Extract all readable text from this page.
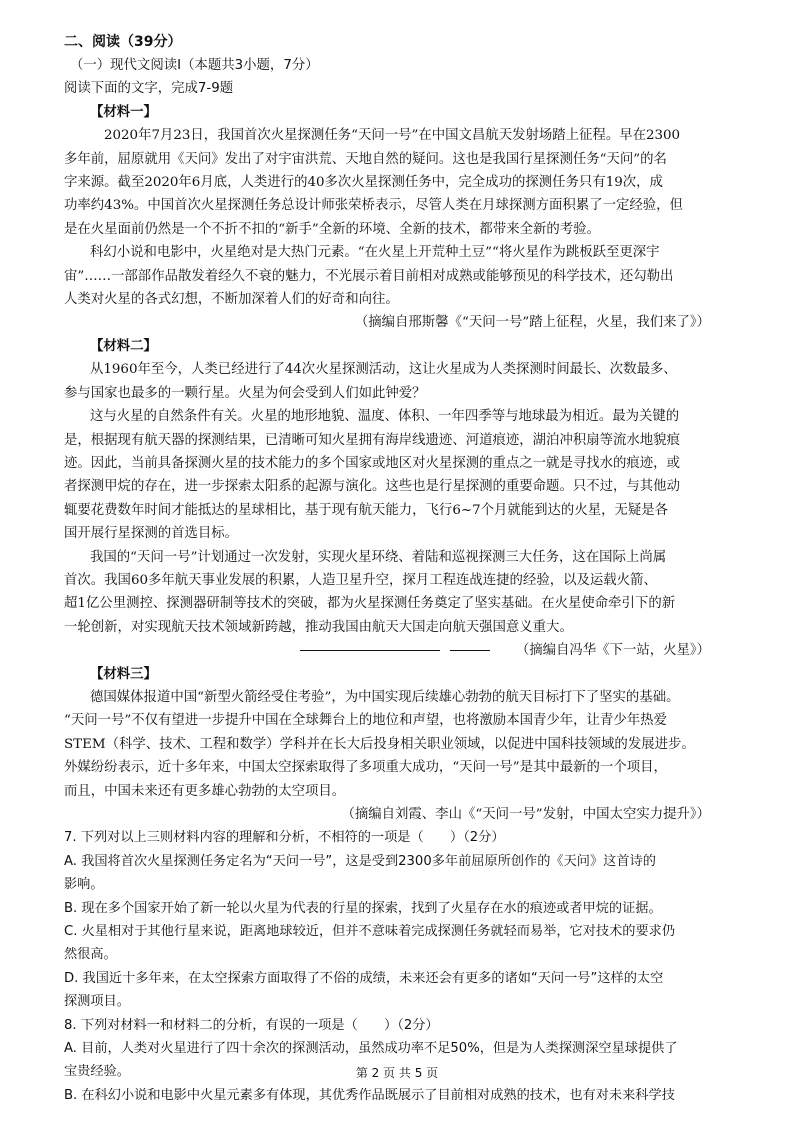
二、阅读（39分）
（一）现代文阅读Ⅰ（本题共3小题，7分）
阅读下面的文字，完成7-9题
【材料一】
2020年7月23日，我国首次火星探测任务“天问一号”在中国文昌航天发射场踏上征程。早在2300
多年前，屈原就用《天问》发出了对宇宙洪荒、天地自然的疑问。这也是我国行星探测任务“天问”的名
字来源。截至2020年6月底，人类进行的40多次火星探测任务中，完全成功的探测任务只有19次，成
功率约43%。中国首次火星探测任务总设计师张荣桥表示，尽管人类在月球探测方面积累了一定经验，但
是在火星面前仍然是一个不折不扣的“新手”全新的环境、全新的技术，都带来全新的考验。
科幻小说和电影中，火星绝对是大热门元素。“在火星上开荒种土豆”“将火星作为跳板跃至更深宇
宙”……一部部作品散发着经久不衰的魅力，不光展示着目前相对成熟或能够预见的科学技术，还勾勒出
人类对火星的各式幻想，不断加深着人们的好奇和向往。
（摘编自邢斯馨《“天问一号”踏上征程，火星，我们来了》）
【材料二】
从1960年至今，人类已经进行了44次火星探测活动，这让火星成为人类探测时间最长、次数最多、
参与国家也最多的一颗行星。火星为何会受到人们如此钟爱？
这与火星的自然条件有关。火星的地形地貌、温度、体积、一年四季等与地球最为相近。最为关键的
是，根据现有航天器的探测结果，已清晰可知火星拥有海岸线遗迹、河道痕迹，湖泊冲积扇等流水地貌痕
迹。因此，当前具备探测火星的技术能力的多个国家或地区对火星探测的重点之一就是寻找水的痕迹，或
者探测甲烷的存在，进一步探索太阳系的起源与演化。这些也是行星探测的重要命题。只不过，与其他动
辄要花费数年时间才能抵达的星球相比，基于现有航天能力，飞行6~7个月就能到达的火星，无疑是各
国开展行星探测的首选目标。
我国的“天问一号”计划通过一次发射，实现火星环绕、着陆和巡视探测三大任务，这在国际上尚属
首次。我国60多年航天事业发展的积累，人造卫星升空，探月工程连战连捷的经验，以及运载火箭、
超1亿公里测控、探测器研制等技术的突破，都为火星探测任务奠定了坚实基础。在火星使命牵引下的新
一轮创新，对实现航天技术领域新跨越，推动我国由航天大国走向航天强国意义重大。
（摘编自冯华《下一站，火星》）
【材料三】
德国媒体报道中国“新型火箭经受住考验”，为中国实现后续雄心勃勃的航天目标打下了坚实的基础。
“天问一号”不仅有望进一步提升中国在全球舞台上的地位和声望，也将激励本国青少年，让青少年热爱
STEM（科学、技术、工程和数学）学科并在长大后投身相关职业领域，以促进中国科技领域的发展进步。
外媒纷纷表示，近十多年来，中国太空探索取得了多项重大成功，“天问一号”是其中最新的一个项目，
而且，中国未来还有更多雄心勃勃的太空项目。
（摘编自刘霞、李山《“天问一号”发射，中国太空实力提升》）
7. 下列对以上三则材料内容的理解和分析，不相符的一项是（　　）（2分）
A. 我国将首次火星探测任务定名为“天问一号”，这是受到2300多年前屈原所创作的《天问》这首诗的
影响。
B. 现在多个国家开始了新一轮以火星为代表的行星的探索，找到了火星存在水的痕迹或者甲烷的证据。
C. 火星相对于其他行星来说，距离地球较近，但并不意味着完成探测任务就轻而易举，它对技术的要求仍
然很高。
D. 我国近十多年来，在太空探索方面取得了不俗的成绩，未来还会有更多的诸如“天问一号”这样的太空
探测项目。
8. 下列对材料一和材料二的分析，有误的一项是（　　）（2分）
A. 目前，人类对火星进行了四十余次的探测活动，虽然成功率不足50%，但是为人类探测深空星球提供了
宝贵经验。
B. 在科幻小说和电影中火星元素多有体现，其优秀作品既展示了目前相对成熟的技术，也有对未来科学技
第 2 页 共 5 页
